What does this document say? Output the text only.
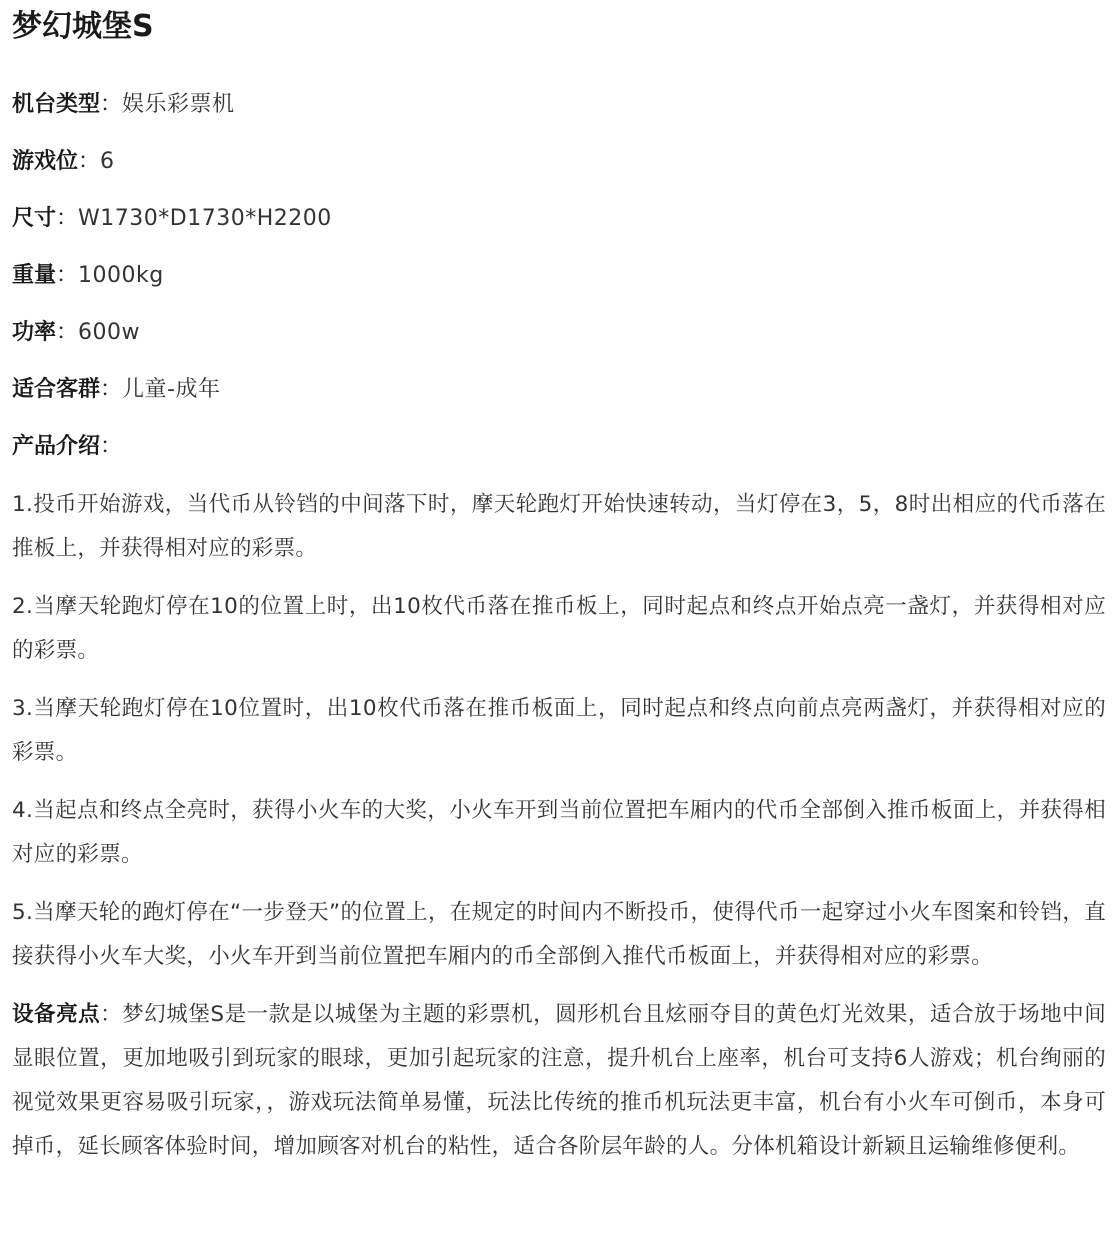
梦幻城堡S

机台类型：娱乐彩票机

游戏位：6

尺寸：W1730*D1730*H2200

重量：1000kg

功率：600w

适合客群：儿童-成年

产品介绍：

1.投币开始游戏，当代币从铃铛的中间落下时，摩天轮跑灯开始快速转动，当灯停在3，5，8时出相应的代币落在推板上，并获得相对应的彩票。

2.当摩天轮跑灯停在10的位置上时，出10枚代币落在推币板上，同时起点和终点开始点亮一盏灯，并获得相对应的彩票。

3.当摩天轮跑灯停在10位置时，出10枚代币落在推币板面上，同时起点和终点向前点亮两盏灯，并获得相对应的彩票。

4.当起点和终点全亮时，获得小火车的大奖，小火车开到当前位置把车厢内的代币全部倒入推币板面上，并获得相对应的彩票。

5.当摩天轮的跑灯停在“一步登天”的位置上，在规定的时间内不断投币，使得代币一起穿过小火车图案和铃铛，直接获得小火车大奖，小火车开到当前位置把车厢内的币全部倒入推代币板面上，并获得相对应的彩票。

设备亮点：梦幻城堡S是一款是以城堡为主题的彩票机，圆形机台且炫丽夺目的黄色灯光效果，适合放于场地中间显眼位置，更加地吸引到玩家的眼球，更加引起玩家的注意，提升机台上座率，机台可支持6人游戏；机台绚丽的视觉效果更容易吸引玩家，，游戏玩法简单易懂，玩法比传统的推币机玩法更丰富，机台有小火车可倒币，本身可掉币，延长顾客体验时间，增加顾客对机台的粘性，适合各阶层年龄的人。分体机箱设计新颖且运输维修便利。
